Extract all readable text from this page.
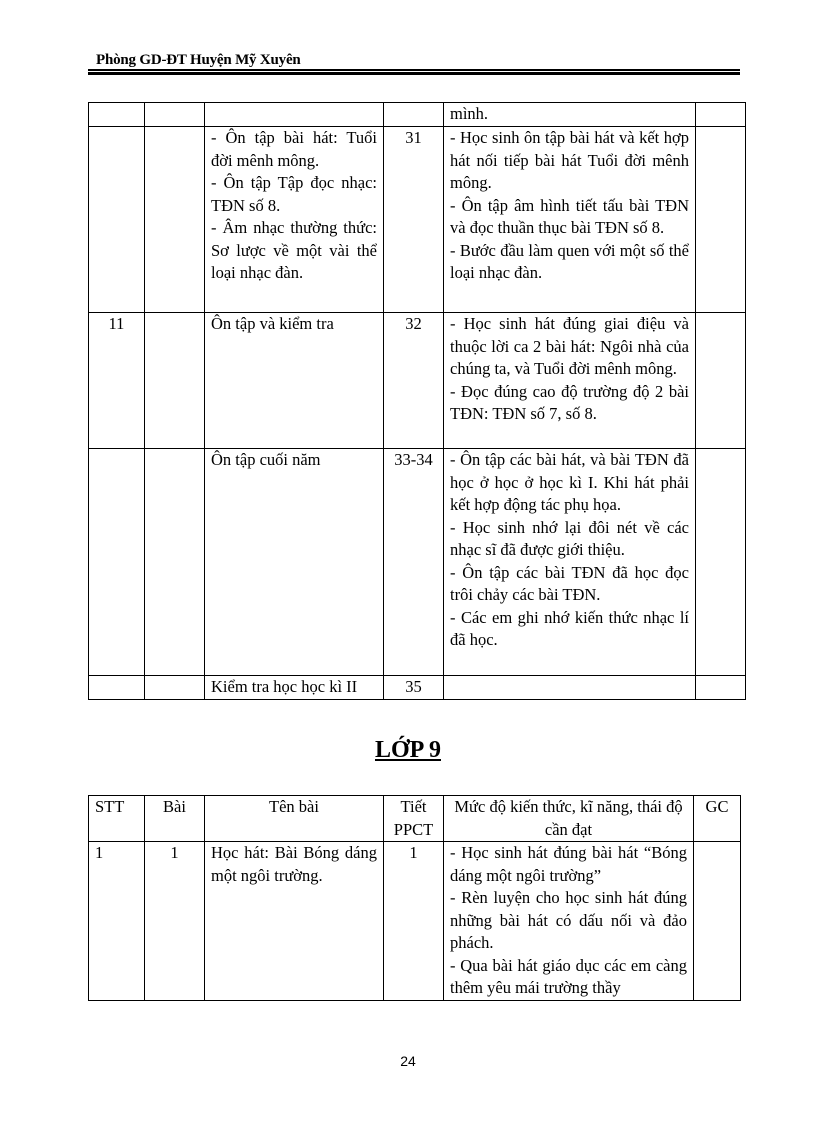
Phòng GD-ĐT Huyện Mỹ Xuyên

				mình.	

		- Ôn tập bài hát: Tuổi đời mênh mông.
- Ôn tập Tập đọc nhạc: TĐN số 8.
- Âm nhạc thường thức: Sơ lược về một vài thể loại nhạc đàn.	31	- Học sinh ôn tập bài hát và kết hợp hát nối tiếp bài hát Tuổi đời mênh mông.
- Ôn tập âm hình tiết tấu bài TĐN và đọc thuần thục bài TĐN số 8.
- Bước đầu làm quen với một số thể loại nhạc đàn.	

11		Ôn tập và kiểm tra	32	- Học sinh hát đúng giai điệu và thuộc lời ca 2 bài hát: Ngôi nhà của chúng ta, và Tuổi đời mênh mông.
- Đọc đúng cao độ trường độ 2 bài TĐN: TĐN số 7, số 8.	

		Ôn tập cuối năm	33-34	- Ôn tập các bài hát, và bài TĐN đã học ở học ở học kì I. Khi hát phải kết hợp động tác phụ họa.
- Học sinh nhớ lại đôi nét về các nhạc sĩ đã được giới thiệu.
- Ôn tập các bài TĐN đã học đọc trôi chảy các bài TĐN.
- Các em ghi nhớ kiến thức nhạc lí đã học.	

		Kiểm tra học học kì II	35		
LỚP 9
STT	Bài	Tên bài	Tiết PPCT	Mức độ kiến thức, kĩ năng, thái độ cần đạt	GC
1	1	Học hát: Bài Bóng dáng một ngôi trường.	1	- Học sinh hát đúng bài hát “Bóng dáng một ngôi trường”
- Rèn luyện cho học sinh hát đúng những bài hát có dấu nối và đảo phách.
- Qua bài hát giáo dục các em càng thêm yêu mái trường thầy	

24
